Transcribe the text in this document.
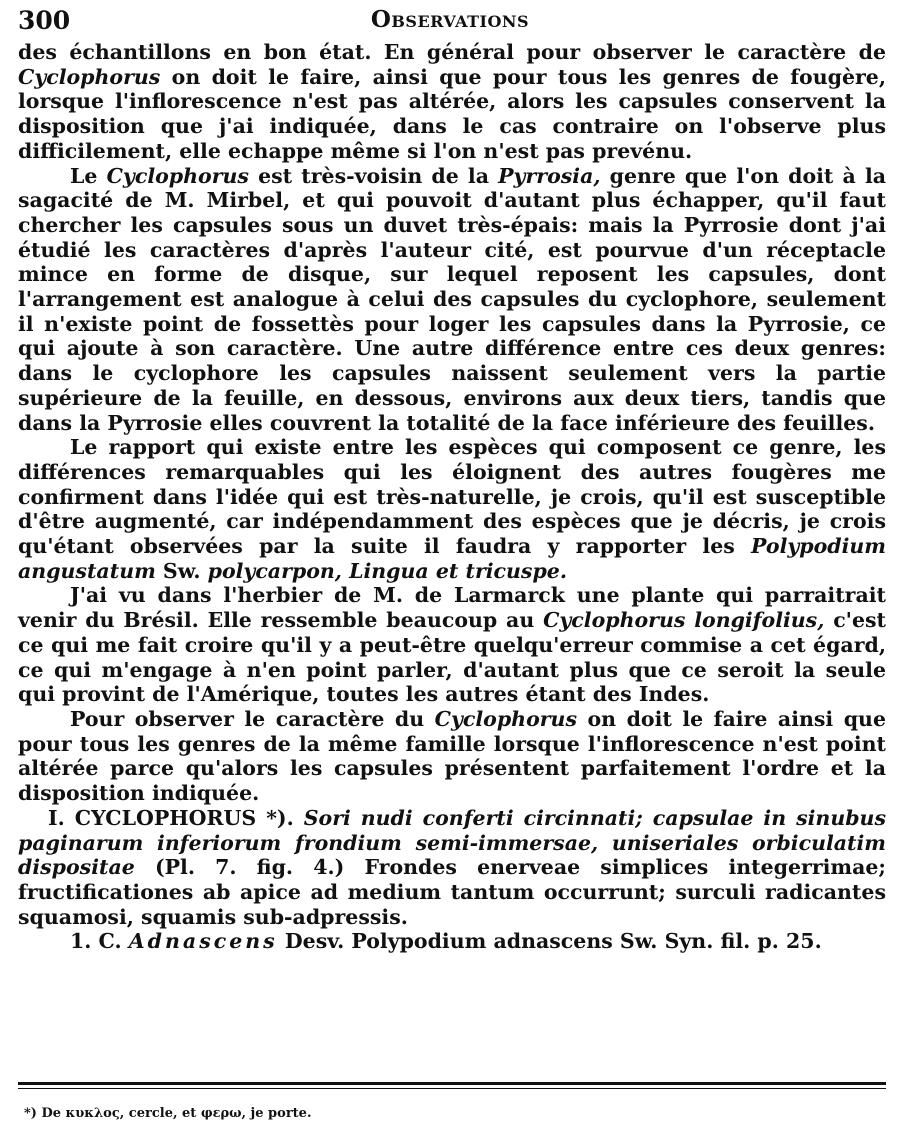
300	Observations

des échantillons en bon état. En général pour observer le caractère de Cyclophorus on doit le faire, ainsi que pour tous les genres de fougère, lorsque l'inflorescence n'est pas altérée, alors les capsules conservent la disposition que j'ai indiquée, dans le cas contraire on l'observe plus difficilement, elle echappe même si l'on n'est pas prevénu.

Le Cyclophorus est très-voisin de la Pyrrosia, genre que l'on doit à la sagacité de M. Mirbel, et qui pouvoit d'autant plus échapper, qu'il faut chercher les capsules sous un duvet très-épais: mais la Pyrrosie dont j'ai étudié les caractères d'après l'auteur cité, est pourvue d'un réceptacle mince en forme de disque, sur lequel reposent les capsules, dont l'arrangement est analogue à celui des capsules du cyclophore, seulement il n'existe point de fossettès pour loger les capsules dans la Pyrrosie, ce qui ajoute à son caractère. Une autre différence entre ces deux genres: dans le cyclophore les capsules naissent seulement vers la partie supérieure de la feuille, en dessous, environs aux deux tiers, tandis que dans la Pyrrosie elles couvrent la totalité de la face inférieure des feuilles.

Le rapport qui existe entre les espèces qui composent ce genre, les différences remarquables qui les éloignent des autres fougères me confirment dans l'idée qui est très-naturelle, je crois, qu'il est susceptible d'être augmenté, car indépendamment des espèces que je décris, je crois qu'étant observées par la suite il faudra y rapporter les Polypodium angustatum Sw. polycarpon, Lingua et tricuspe.

J'ai vu dans l'herbier de M. de Larmarck une plante qui parraitrait venir du Brésil. Elle ressemble beaucoup au Cyclophorus longifolius, c'est ce qui me fait croire qu'il y a peut-être quelqu'erreur commise a cet égard, ce qui m'engage à n'en point parler, d'autant plus que ce seroit la seule qui provint de l'Amérique, toutes les autres étant des Indes.

Pour observer le caractère du Cyclophorus on doit le faire ainsi que pour tous les genres de la même famille lorsque l'inflorescence n'est point altérée parce qu'alors les capsules présentent parfaitement l'ordre et la disposition indiquée.

I. CYCLOPHORUS *). Sori nudi conferti circinnati; capsulae in sinubus paginarum inferiorum frondium semi-immersae, uniseriales orbiculatim dispositae (Pl. 7. fig. 4.) Frondes enerveae simplices integerrimae; fructificationes ab apice ad medium tantum occurrunt; surculi radicantes squamosi, squamis sub-adpressis.

1. C. Adnascens Desv. Polypodium adnascens Sw. Syn. fil. p. 25.

*) De κυκλος, cercle, et φερω, je porte.
